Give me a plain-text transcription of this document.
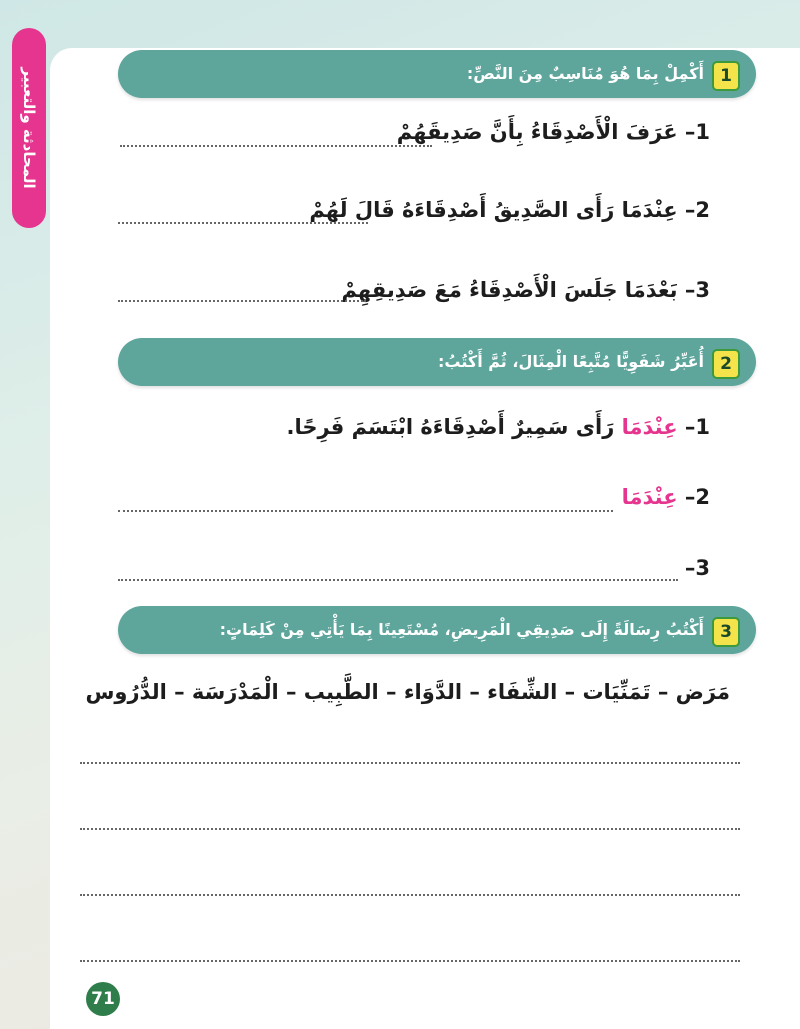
المحادثة والتعبير	1
أَكْمِلْ بِمَا هُوَ مُنَاسِبٌ مِنَ النَّصِّ:
1– عَرَفَ الْأَصْدِقَاءُ بِأَنَّ صَدِيقَهُمْ
2– عِنْدَمَا رَأَى الصَّدِيقُ أَصْدِقَاءَهُ قَالَ لَهُمْ
3– بَعْدَمَا جَلَسَ الْأَصْدِقَاءُ مَعَ صَدِيقِهِمْ
2
أُعَبِّرُ شَفَوِيًّا مُتَّبِعًا الْمِثَالَ، ثُمَّ أَكْتُبُ:
1– عِنْدَمَا رَأَى سَمِيرٌ أَصْدِقَاءَهُ ابْتَسَمَ فَرِحًا.
2– عِنْدَمَا
3–
3
أَكْتُبُ رِسَالَةً إِلَى صَدِيقِي الْمَرِيضِ، مُسْتَعِينًا بِمَا يَأْتِي مِنْ كَلِمَاتٍ:
مَرَض – تَمَنِّيَات – الشِّفَاء – الدَّوَاء – الطَّبِيب – الْمَدْرَسَة – الدُّرُوس
71
